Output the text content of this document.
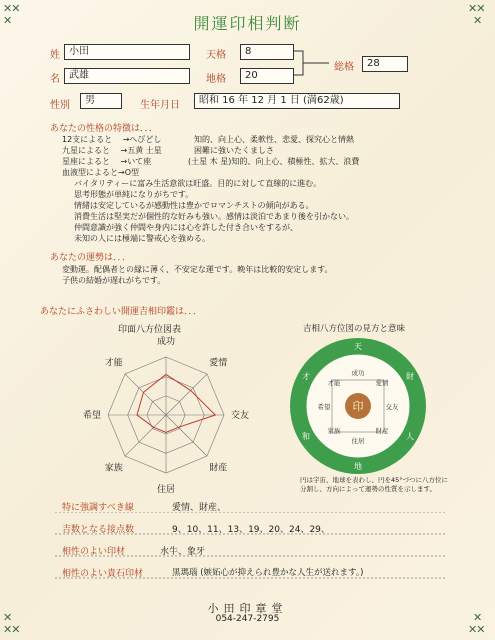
✕✕
✕
✕✕
✕
✕
✕✕
✕
✕✕
開運印相判断
姓 小田
名 武雄
天格	8
地格	20
総格	28
性別	男	生年月日	昭和 16 年 12 月 1 日 (満62歳)
あなたの性格の特徴は．．．
12支によると　 →へびどし	知的、向上心、柔軟性、悲愛、探究心と情熱
九星によると　 →五黄 土星	困難に強いたくましさ
星座によると　 →いて座	(土星 木 星)知的、向上心、積極性、拡大、浪費
血液型によると→O型
バイタリティーに富み生活意欲は旺盛。目的に対して直線的に進む。
思考形態が単純になりがちです。
情緒は安定しているが感動性は豊かでロマンチストの傾向がある。
消費生活は堅実だが個性的な好みも強い。感情は淡泊であまり後を引かない。
仲間意識が強く仲間や身内には心を許した付き合いをするが、
未知の人には極端に警戒心を強める。
あなたの運勢は．．．
変動運。配偶者との縁に薄く、不安定な運です。晩年は比較的安定します。
子供の結婚が遅れがちです。
あなたにふさわしい開運吉相印鑑は．．．
印面八方位図表
成功
愛情
交友
財産
住居
家族
希望
才能
吉相八方位図の見方と意味
印
天
財
人
地
和
才
愛情
交友
財産
住居
家族
希望
才能
成功
円は宇宙、地球を表わし、円を45°づつに八方位に分割し、方向によって運勢の性質を示します。
特に強調すべき線	愛情、財産、
吉数となる接点数	9、10、11、13、19、20、24、29、
相性のよい印材	水牛、象牙
相性のよい貴石印材	黒瑪瑙 (嫉妬心が抑えられ豊かな人生が送れます。)
小田印章堂
054-247-2795
